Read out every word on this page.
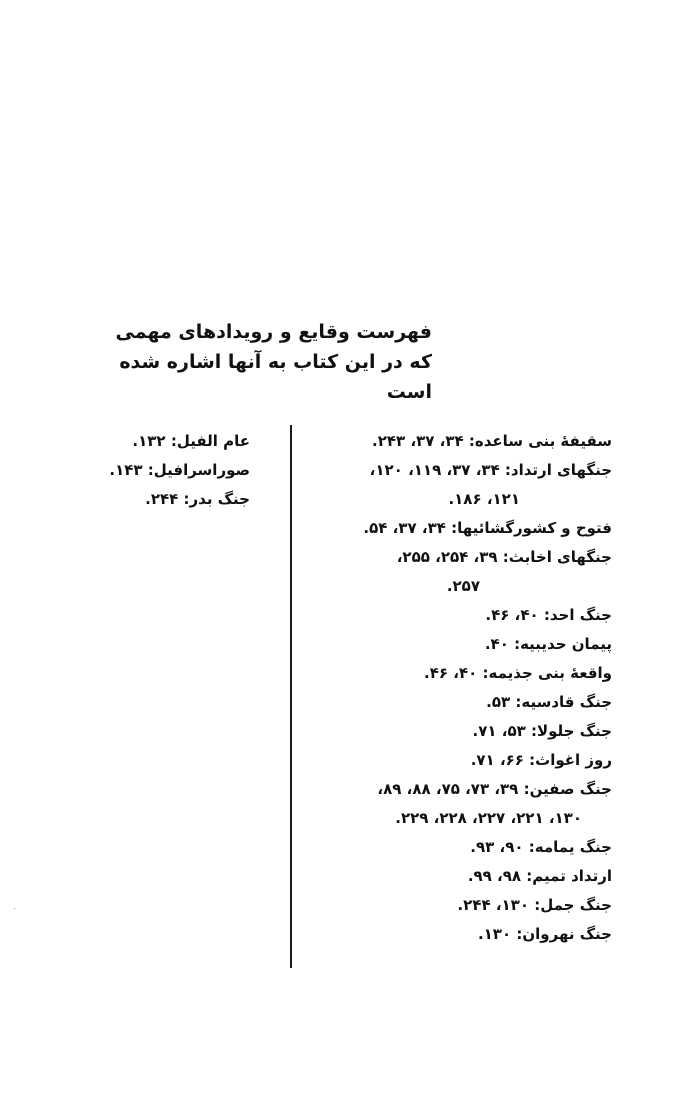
فهرست وقایع و رویدادهای مهمی
که در این کتاب به آنها اشاره شده
است
سقیفهٔ بنی ساعده: ۳۴، ۳۷، ۲۴۳.
جنگهای ارتداد: ۳۴، ۳۷، ۱۱۹، ۱۲۰،
۱۲۱، ۱۸۶.
فتوح و کشورگشائیها: ۳۴، ۳۷، ۵۴.
جنگهای اخابث: ۳۹، ۲۵۴، ۲۵۵،
۲۵۷.
جنگ احد: ۴۰، ۴۶.
پیمان حدیبیه: ۴۰.
واقعهٔ بنی جذیمه: ۴۰، ۴۶.
جنگ قادسیه: ۵۳.
جنگ جلولا: ۵۳، ۷۱.
روز اغواث: ۶۶، ۷۱.
جنگ صفین: ۳۹، ۷۳، ۷۵، ۸۸، ۸۹،
۱۳۰، ۲۲۱، ۲۲۷، ۲۲۸، ۲۲۹.
جنگ یمامه: ۹۰، ۹۳.
ارتداد تمیم: ۹۸، ۹۹.
جنگ جمل: ۱۳۰، ۲۴۴.
جنگ نهروان: ۱۳۰.
عام الفیل: ۱۳۲.
صوراسرافیل: ۱۴۳.
جنگ بدر: ۲۴۴.
